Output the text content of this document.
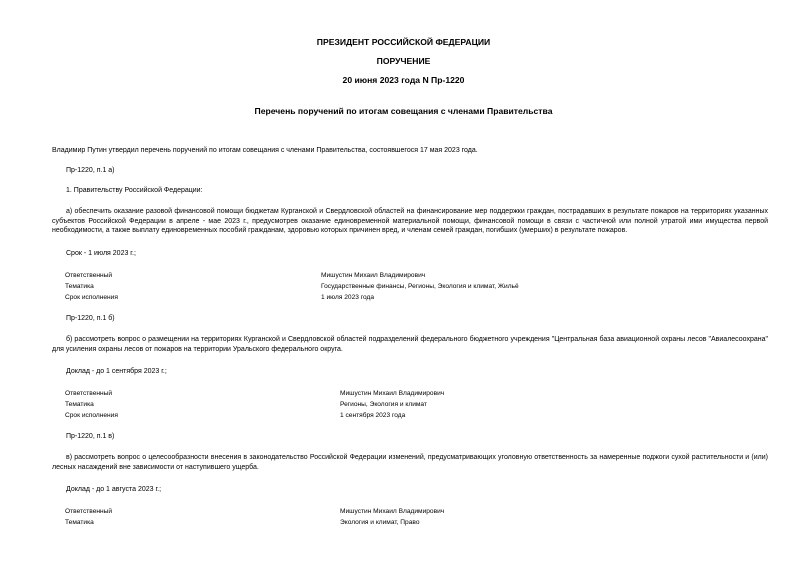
ПРЕЗИДЕНТ РОССИЙСКОЙ ФЕДЕРАЦИИ
ПОРУЧЕНИЕ
20 июня 2023 года N Пр-1220
Перечень поручений по итогам совещания с членами Правительства
Владимир Путин утвердил перечень поручений по итогам совещания с членами Правительства, состоявшегося 17 мая 2023 года.
Пр-1220, п.1 а)
1. Правительству Российской Федерации:
а) обеспечить оказание разовой финансовой помощи бюджетам Курганской и Свердловской областей на финансирование мер поддержки граждан, пострадавших в результате пожаров на территориях указанных субъектов Российской Федерации в апреле - мае 2023 г., предусмотрев оказание единовременной материальной помощи, финансовой помощи в связи с частичной или полной утратой ими имущества первой необходимости, а также выплату единовременных пособий гражданам, здоровью которых причинен вред, и членам семей граждан, погибших (умерших) в результате пожаров.
Срок - 1 июля 2023 г.;
Ответственный	Мишустин Михаил Владимирович
Тематика	Государственные финансы, Регионы, Экология и климат, Жильё
Срок исполнения	1 июля 2023 года
Пр-1220, п.1 б)
б) рассмотреть вопрос о размещении на территориях Курганской и Свердловской областей подразделений федерального бюджетного учреждения "Центральная база авиационной охраны лесов "Авиалесоохрана" для усиления охраны лесов от пожаров на территории Уральского федерального округа.
Доклад - до 1 сентября 2023 г.;
Ответственный	Мишустин Михаил Владимирович
Тематика	Регионы, Экология и климат
Срок исполнения	1 сентября 2023 года
Пр-1220, п.1 в)
в) рассмотреть вопрос о целесообразности внесения в законодательство Российской Федерации изменений, предусматривающих уголовную ответственность за намеренные поджоги сухой растительности и (или) лесных насаждений вне зависимости от наступившего ущерба.
Доклад - до 1 августа 2023 г.;
Ответственный	Мишустин Михаил Владимирович
Тематика	Экология и климат, Право
